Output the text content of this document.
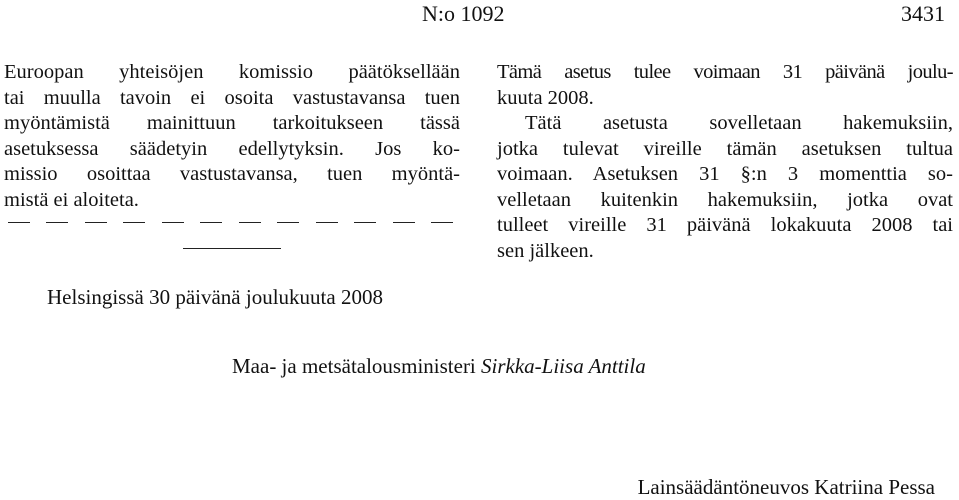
N:o 1092	3431
Euroopan yhteisöjen komissio päätöksellään
tai muulla tavoin ei osoita vastustavansa tuen
myöntämistä mainittuun tarkoitukseen tässä
asetuksessa säädetyin edellytyksin. Jos ko-
missio osoittaa vastustavansa, tuen myöntä-
mistä ei aloiteta.
Tämä asetus tulee voimaan 31 päivänä joulu-
kuuta 2008.
Tätä asetusta sovelletaan hakemuksiin,
jotka tulevat vireille tämän asetuksen tultua
voimaan. Asetuksen 31 §:n 3 momenttia so-
velletaan kuitenkin hakemuksiin, jotka ovat
tulleet vireille 31 päivänä lokakuuta 2008 tai
sen jälkeen.
Helsingissä 30 päivänä joulukuuta 2008
Maa- ja metsätalousministeri Sirkka-Liisa Anttila
Lainsäädäntöneuvos Katriina Pessa
